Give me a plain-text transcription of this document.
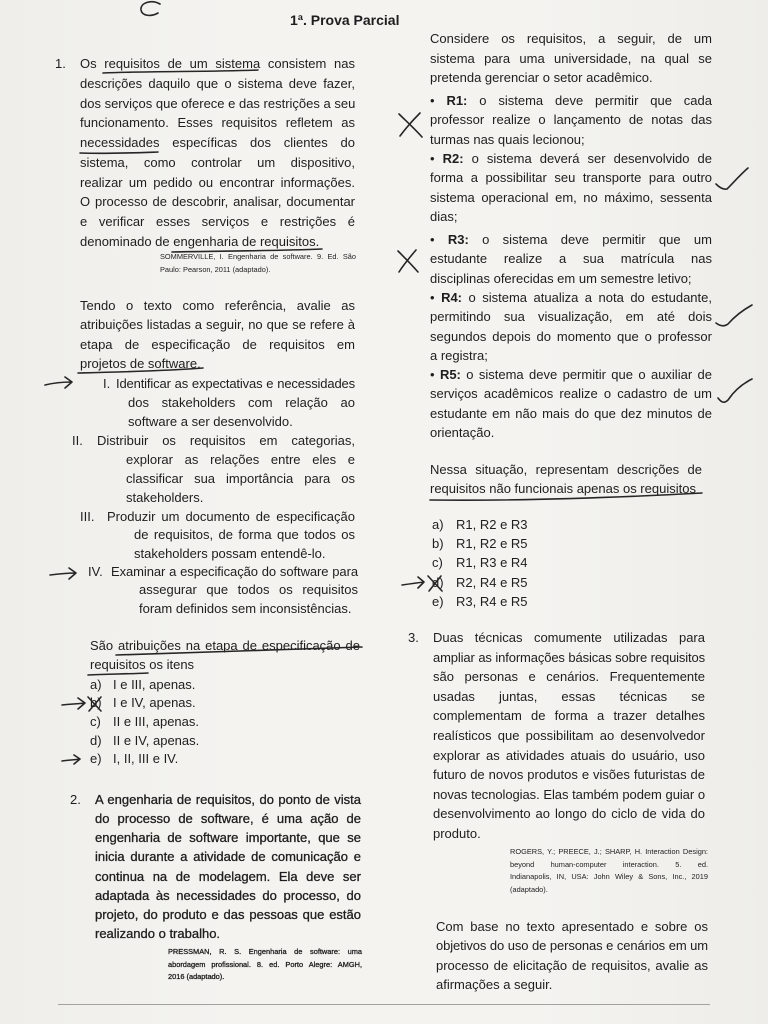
1ª. Prova Parcial
1. Os requisitos de um sistema consistem nas
descrições daquilo que o sistema deve fazer,
dos serviços que oferece e das restrições a seu
funcionamento. Esses requisitos refletem as
necessidades específicas dos clientes do
sistema, como controlar um dispositivo,
realizar um pedido ou encontrar informações.
O processo de descobrir, analisar, documentar
e verificar esses serviços e restrições é
denominado de engenharia de requisitos.
SOMMERVILLE, I. Engenharia de software. 9. Ed. São
Paulo: Pearson, 2011 (adaptado).
Tendo o texto como referência, avalie as
atribuições listadas a seguir, no que se refere à
etapa de especificação de requisitos em
projetos de software.
I. Identificar as expectativas e necessidades
dos stakeholders com relação ao
software a ser desenvolvido.
II. Distribuir os requisitos em categorias,
explorar as relações entre eles e
classificar sua importância para os
stakeholders.
III. Produzir um documento de especificação
de requisitos, de forma que todos os
stakeholders possam entendê-lo.
IV. Examinar a especificação do software para
assegurar que todos os requisitos
foram definidos sem inconsistências.
São atribuições na etapa de especificação de
requisitos os itens
a) I e III, apenas.
b) I e IV, apenas.
c) II e III, apenas.
d) II e IV, apenas.
e) I, II, III e IV.
2. A engenharia de requisitos, do ponto de vista
do processo de software, é uma ação de
engenharia de software importante, que se
inicia durante a atividade de comunicação e
continua na de modelagem. Ela deve ser
adaptada às necessidades do processo, do
projeto, do produto e das pessoas que estão
realizando o trabalho.
PRESSMAN, R. S. Engenharia de software: uma
abordagem profissional. 8. ed. Porto Alegre: AMGH,
2016 (adaptado).
Considere os requisitos, a seguir, de um
sistema para uma universidade, na qual se
pretenda gerenciar o setor acadêmico.
• R1: o sistema deve permitir que cada
professor realize o lançamento de notas das
turmas nas quais lecionou;
• R2: o sistema deverá ser desenvolvido de
forma a possibilitar seu transporte para outro
sistema operacional em, no máximo, sessenta
dias;
• R3: o sistema deve permitir que um
estudante realize a sua matrícula nas
disciplinas oferecidas em um semestre letivo;
• R4: o sistema atualiza a nota do estudante,
permitindo sua visualização, em até dois
segundos depois do momento que o professor
a registra;
• R5: o sistema deve permitir que o auxiliar de
serviços acadêmicos realize o cadastro de um
estudante em não mais do que dez minutos de
orientação.
Nessa situação, representam descrições de
requisitos não funcionais apenas os requisitos
a) R1, R2 e R3
b) R1, R2 e R5
c) R1, R3 e R4
d) R2, R4 e R5
e) R3, R4 e R5
3. Duas técnicas comumente utilizadas para
ampliar as informações básicas sobre requisitos
são personas e cenários. Frequentemente
usadas juntas, essas técnicas se
complementam de forma a trazer detalhes
realísticos que possibilitam ao desenvolvedor
explorar as atividades atuais do usuário, uso
futuro de novos produtos e visões futuristas de
novas tecnologias. Elas também podem guiar o
desenvolvimento ao longo do ciclo de vida do
produto.
ROGERS, Y.; PREECE, J.; SHARP, H. Interaction Design:
beyond human-computer interaction. 5. ed.
Indianapolis, IN, USA: John Wiley & Sons, Inc., 2019
(adaptado).
Com base no texto apresentado e sobre os
objetivos do uso de personas e cenários em um
processo de elicitação de requisitos, avalie as
afirmações a seguir.
